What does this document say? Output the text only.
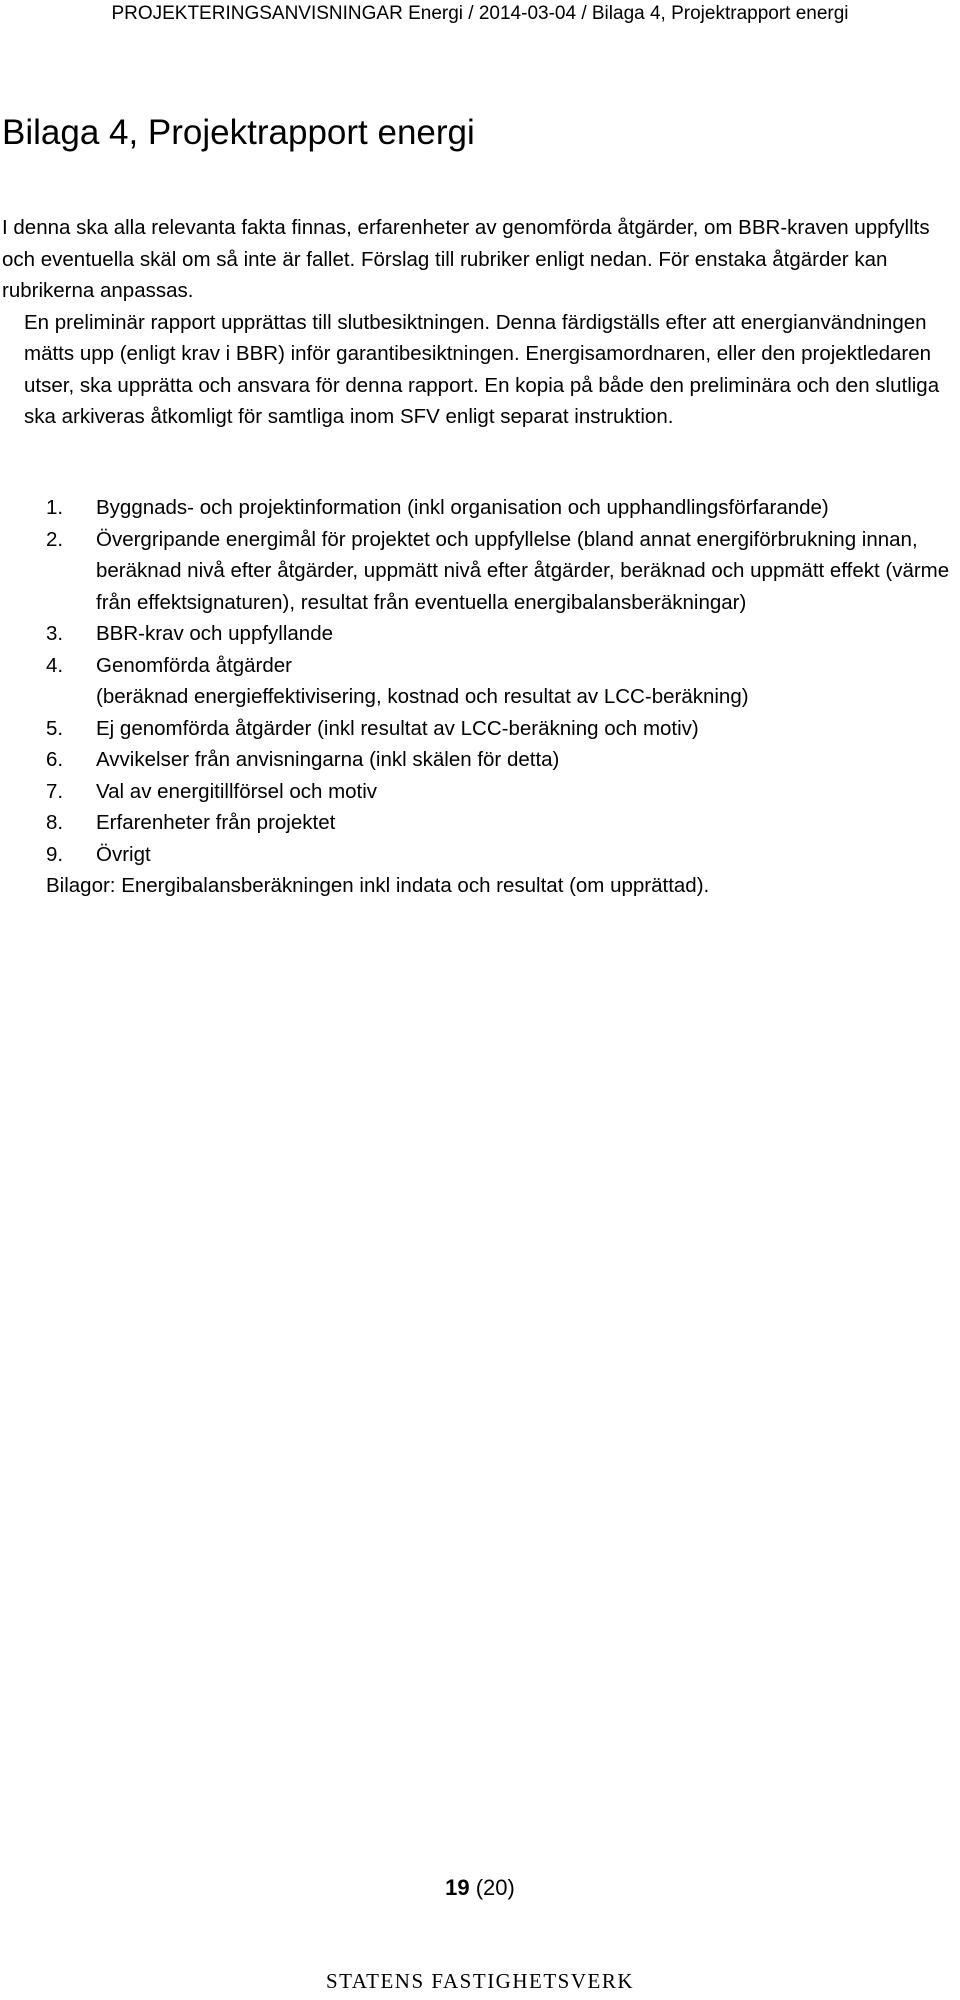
PROJEKTERINGSANVISNINGAR Energi / 2014-03-04 / Bilaga 4, Projektrapport energi
Bilaga 4, Projektrapport energi

I denna ska alla relevanta fakta finnas, erfarenheter av genomförda åtgärder, om BBR-kraven uppfyllts och eventuella skäl om så inte är fallet. Förslag till rubriker enligt nedan. För enstaka åtgärder kan rubrikerna anpassas.

En preliminär rapport upprättas till slutbesiktningen. Denna färdigställs efter att energianvändningen mätts upp (enligt krav i BBR) inför garantibesiktningen. Energisamordnaren, eller den projektledaren utser, ska upprätta och ansvara för denna rapport. En kopia på både den preliminära och den slutliga ska arkiveras åtkomligt för samtliga inom SFV enligt separat instruktion.

1.	Byggnads- och projektinformation (inkl organisation och upphandlingsförfarande)
2.	Övergripande energimål för projektet och uppfyllelse (bland annat energiförbrukning innan, beräknad nivå efter åtgärder, uppmätt nivå efter åtgärder, beräknad och uppmätt effekt (värme från effektsignaturen), resultat från eventuella energibalansberäkningar)
3.	BBR-krav och uppfyllande
4.	Genomförda åtgärder
(beräknad energieffektivisering, kostnad och resultat av LCC-beräkning)
5.	Ej genomförda åtgärder (inkl resultat av LCC-beräkning och motiv)
6.	Avvikelser från anvisningarna (inkl skälen för detta)
7.	Val av energitillförsel och motiv
8.	Erfarenheter från projektet
9.	Övrigt

Bilagor: Energibalansberäkningen inkl indata och resultat (om upprättad).

19 (20)
STATENS FASTIGHETSVERK
